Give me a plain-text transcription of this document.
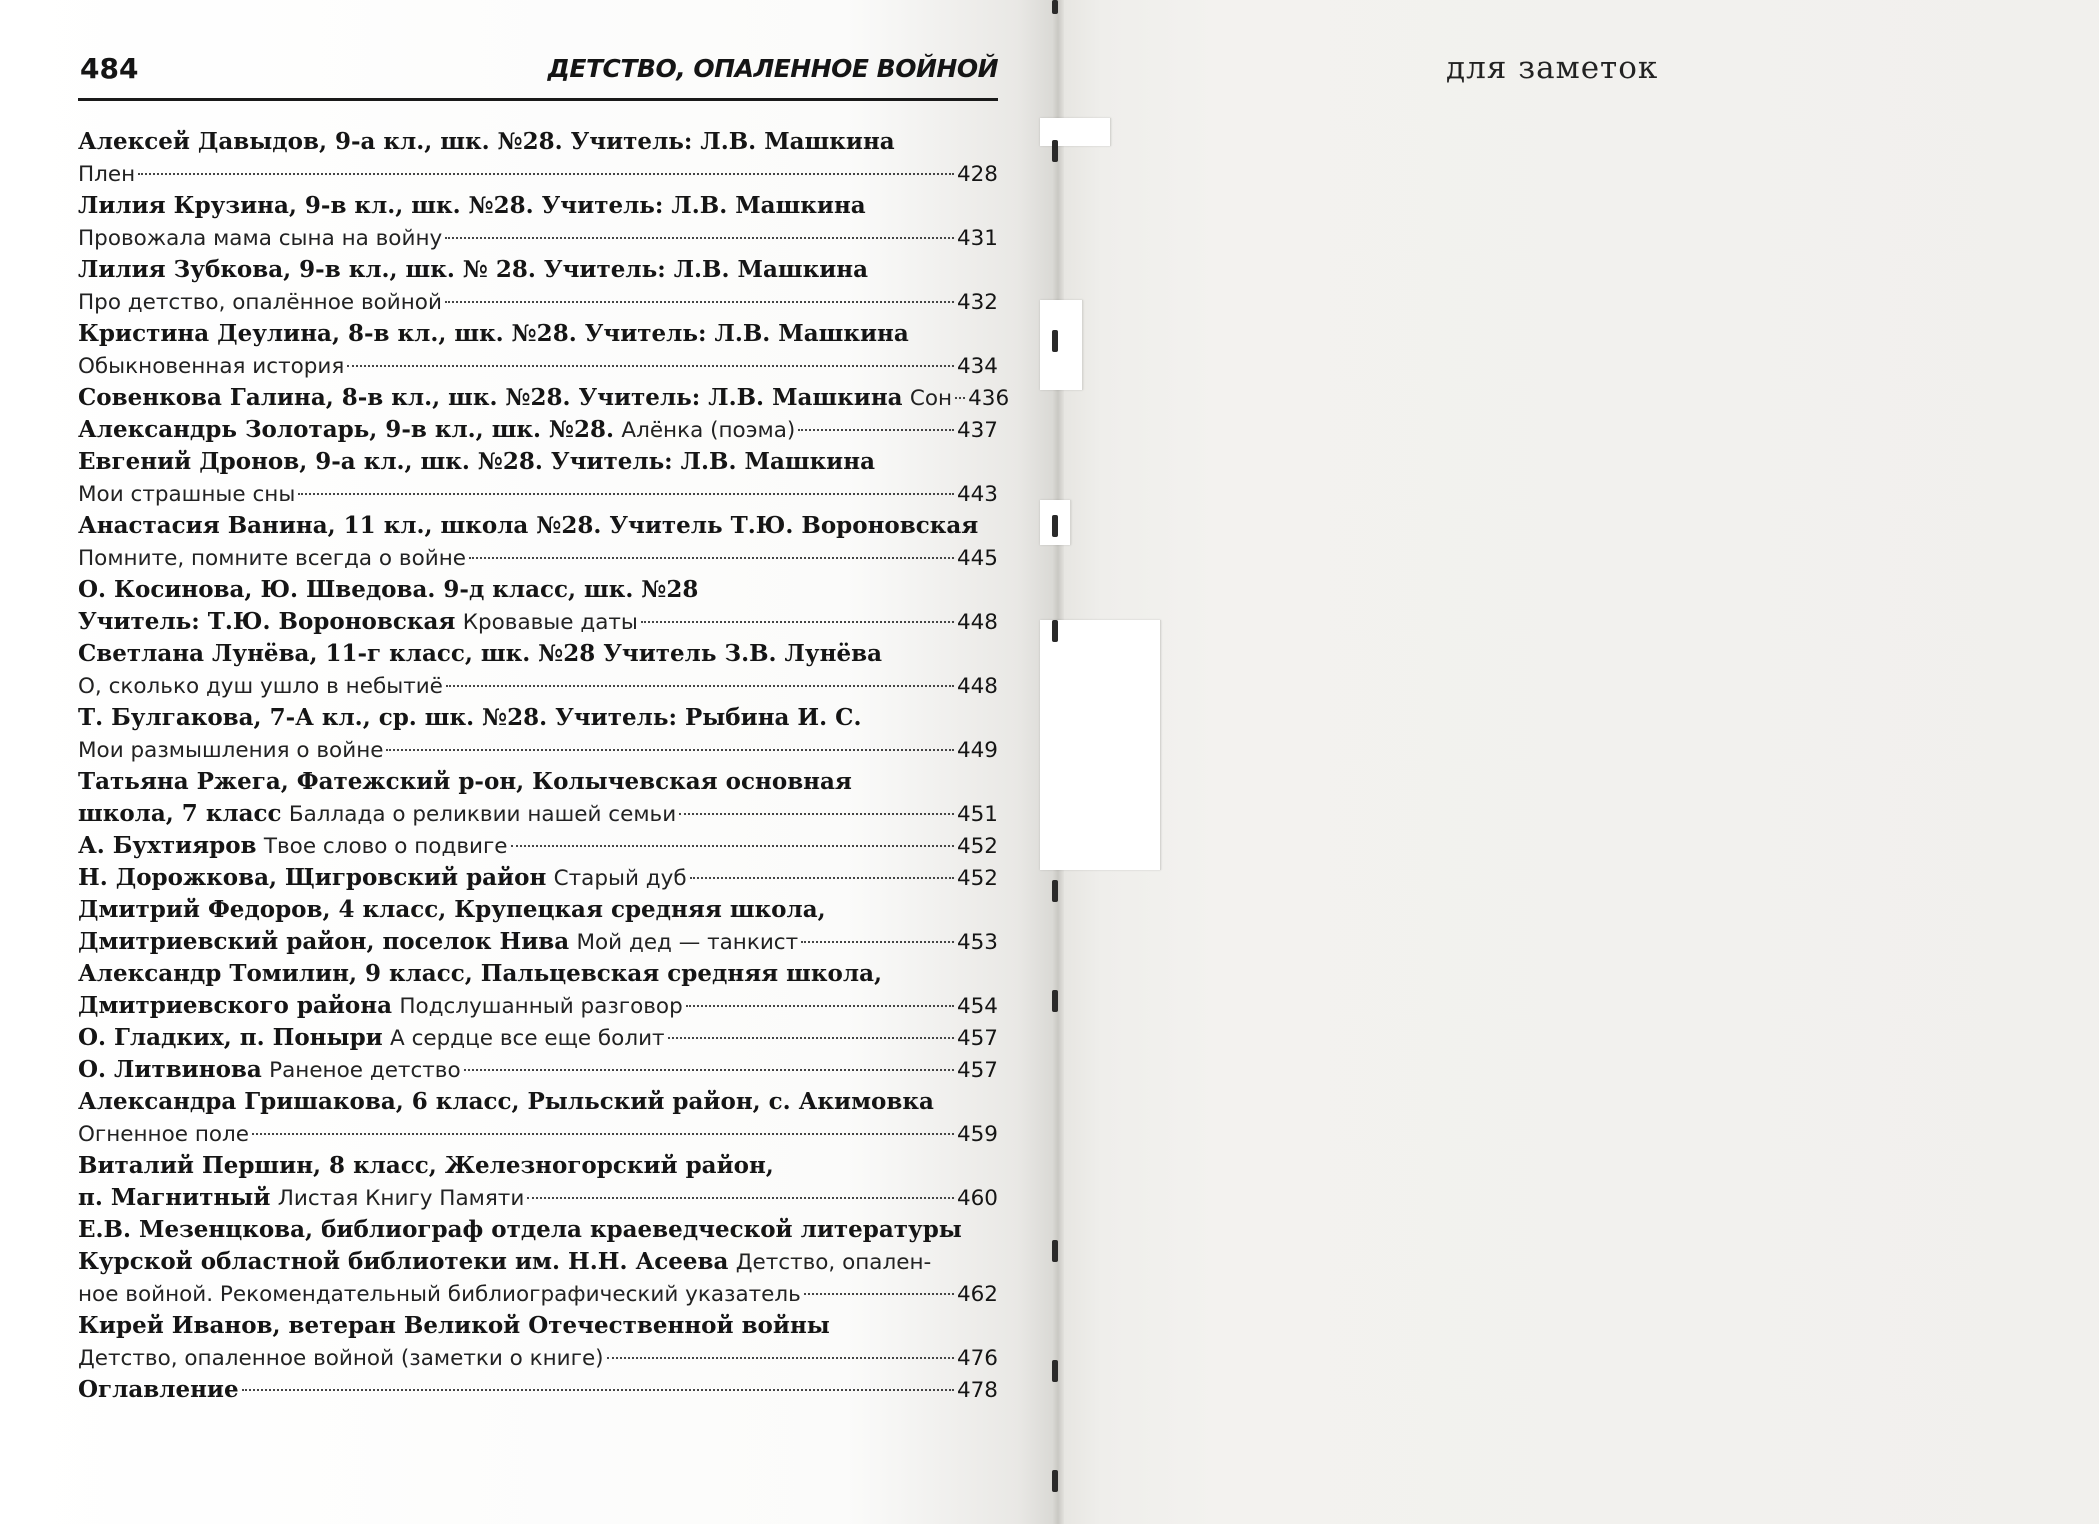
484	ДЕТСТВО, ОПАЛЕННОЕ ВОЙНОЙ
Алексей Давыдов, 9-а кл., шк. №28. Учитель: Л.В. Машкина
Плен	428
Лилия Крузина, 9-в кл., шк. №28. Учитель: Л.В. Машкина
Провожала мама сына на войну	431
Лилия Зубкова, 9-в кл., шк. № 28. Учитель: Л.В. Машкина
Про детство, опалённое войной	432
Кристина Деулина, 8-в кл., шк. №28. Учитель: Л.В. Машкина
Обыкновенная история	434
Совенкова Галина, 8-в кл., шк. №28. Учитель: Л.В. Машкина Сон 436
Александрь Золотарь, 9-в кл., шк. №28. Алёнка (поэма)	437
Евгений Дронов, 9-а кл., шк. №28. Учитель: Л.В. Машкина
Мои страшные сны	443
Анастасия Ванина, 11 кл., школа №28. Учитель Т.Ю. Вороновская
Помните, помните всегда о войне	445
О. Косинова, Ю. Шведова. 9-д класс, шк. №28
Учитель: Т.Ю. Вороновская Кровавые даты	448
Светлана Лунёва, 11-г класс, шк. №28 Учитель З.В. Лунёва
О, сколько душ ушло в небытиё	448
Т. Булгакова, 7-А кл., ср. шк. №28. Учитель: Рыбина И. С.
Мои размышления о войне	449
Татьяна Ржега, Фатежский р-он, Колычевская основная
школа, 7 класс Баллада о реликвии нашей семьи	451
А. Бухтияров Твое слово о подвиге	452
Н. Дорожкова, Щигровский район Старый дуб	452
Дмитрий Федоров, 4 класс, Крупецкая средняя школа,
Дмитриевский район, поселок Нива Мой дед — танкист	453
Александр Томилин, 9 класс, Пальцевская средняя школа,
Дмитриевского района Подслушанный разговор	454
О. Гладких, п. Поныри А сердце все еще болит	457
О. Литвинова Раненое детство	457
Александра Гришакова, 6 класс, Рыльский район, с. Акимовка
Огненное поле	459
Виталий Першин, 8 класс, Железногорский район,
п. Магнитный Листая Книгу Памяти	460
Е.В. Мезенцкова, библиограф отдела краеведческой литературы
Курской областной библиотеки им. Н.Н. Асеева Детство, опален-
ное войной. Рекомендательный библиографический указатель	462
Кирей Иванов, ветеран Великой Отечественной войны
Детство, опаленное войной (заметки о книге)	476
Оглавление	478
для заметок
